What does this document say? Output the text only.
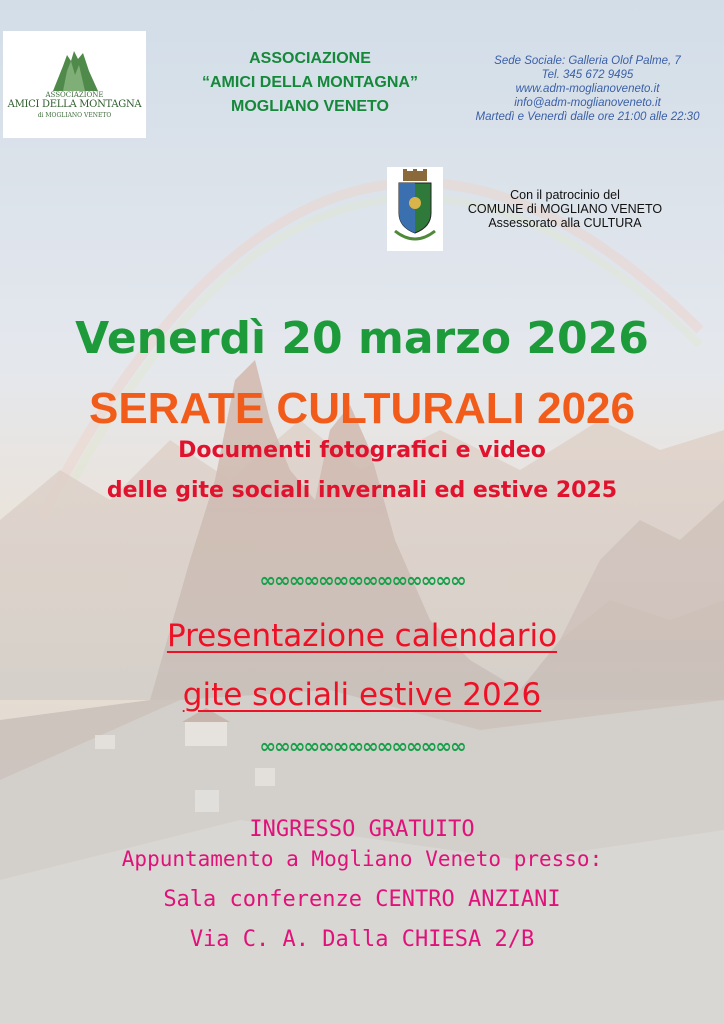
ASSOCIAZIONE
AMICI DELLA MONTAGNA
di MOGLIANO VENETO
ASSOCIAZIONE
“AMICI DELLA MONTAGNA”
MOGLIANO VENETO
Sede Sociale: Galleria Olof Palme, 7
Tel. 345 672 9495
www.adm-moglianoveneto.it
info@adm-moglianoveneto.it
Martedì e Venerdì dalle ore 21:00 alle 22:30
Con il patrocinio del
COMUNE di MOGLIANO VENETO
Assessorato alla CULTURA
Venerdì 20 marzo 2026
SERATE CULTURALI 2026
Documenti fotografici e video
delle gite sociali invernali ed estive 2025
∞∞∞∞∞∞∞∞∞∞∞∞∞∞
Presentazione calendario
gite sociali estive 2026
∞∞∞∞∞∞∞∞∞∞∞∞∞∞
INGRESSO GRATUITO
Appuntamento a Mogliano Veneto presso:
Sala conferenze CENTRO ANZIANI
Via C. A. Dalla CHIESA 2/B
